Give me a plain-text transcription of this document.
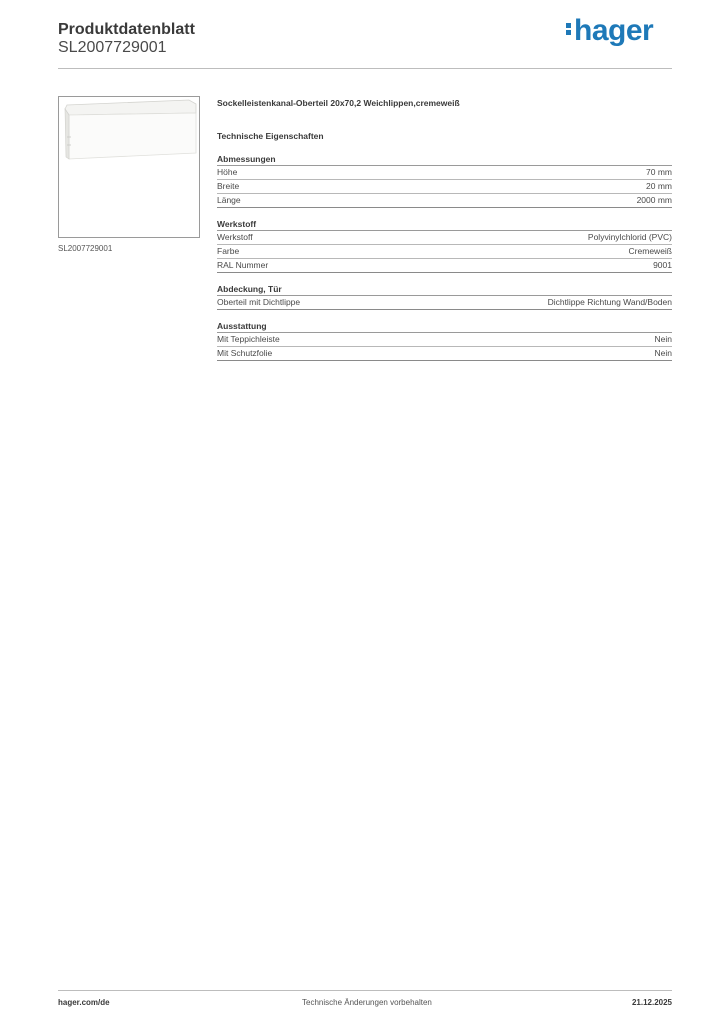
Produktdatenblatt
SL2007729001
hager
SL2007729001
Sockelleistenkanal-Oberteil 20x70,2 Weichlippen,cremeweiß
Technische Eigenschaften
Abmessungen
Höhe	70 mm
Breite	20 mm
Länge	2000 mm
Werkstoff
Werkstoff	Polyvinylchlorid (PVC)
Farbe	Cremeweiß
RAL Nummer	9001
Abdeckung, Tür
Oberteil mit Dichtlippe	Dichtlippe Richtung Wand/Boden
Ausstattung
Mit Teppichleiste	Nein
Mit Schutzfolie	Nein
hager.com/de	Technische Änderungen vorbehalten	21.12.2025
